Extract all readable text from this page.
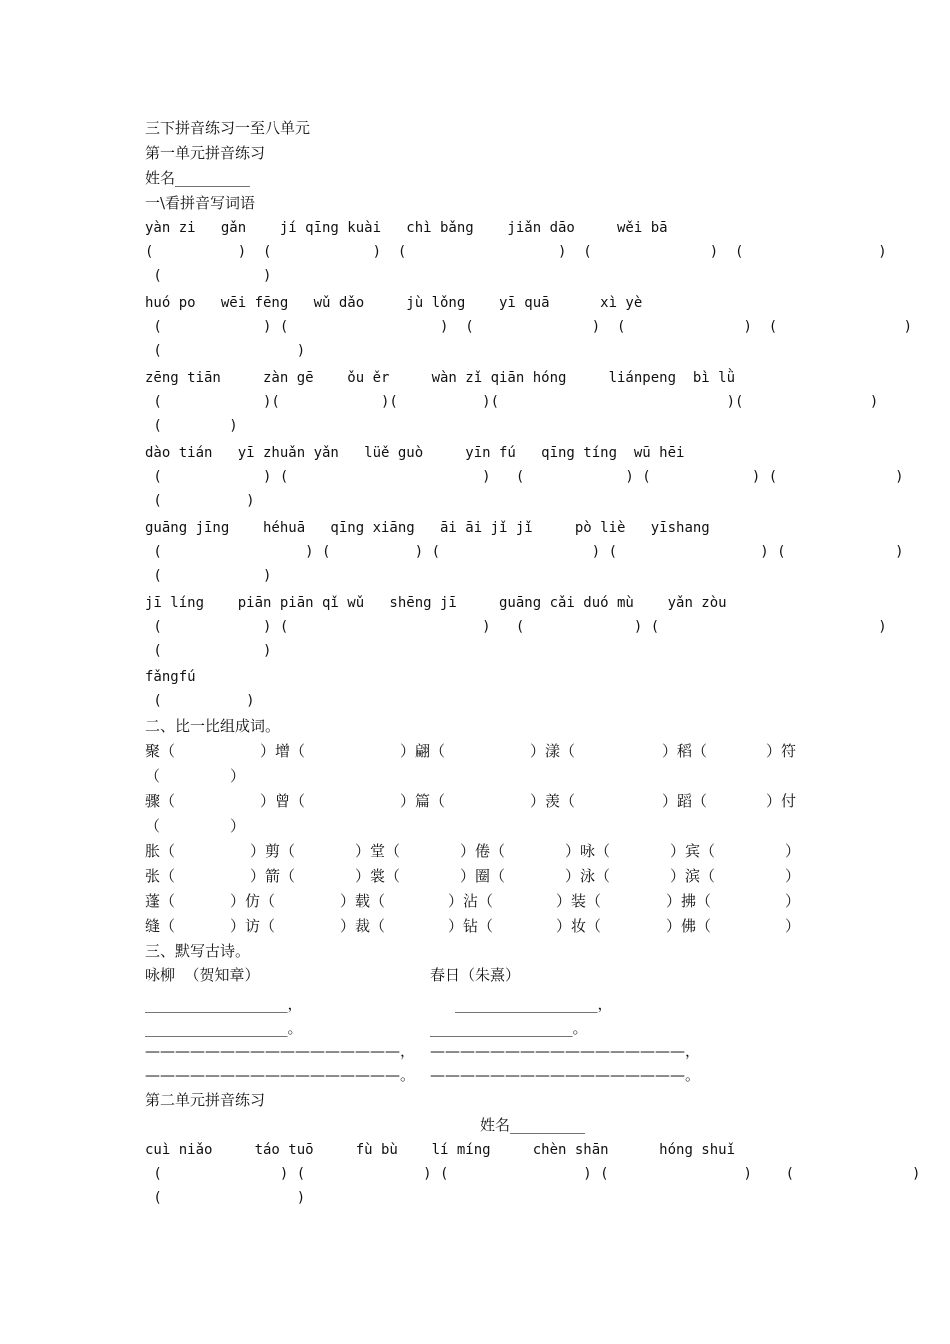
三下拼音练习一至八单元
第一单元拼音练习
姓名__________
一\看拼音写词语
yàn zi   gǎn    jí qīng kuài   chì bǎng    jiǎn dāo     wěi bā
(          )  (            )  (                  )  (              )  (                )
(            )
huó po   wēi fēng   wǔ dǎo     jù lǒng    yī quā      xì yè
(            ) (                  )  (              )  (              )  (               )
(                )
zēng tiān     zàn gē    ǒu ěr     wàn zǐ qiān hóng     liánpeng  bì lǜ
(            )(            )(          )(                           )(               )
(        )
dào tián   yī zhuǎn yǎn   lüě guò     yīn fú   qīng tíng  wū hēi
(            ) (                       )   (            ) (            ) (              )
(          )
guāng jīng    héhuā   qīng xiāng   āi āi jǐ jǐ     pò liè   yīshang
(                 ) (          ) (                  ) (                 ) (             )
(            )
jī líng    piān piān qǐ wǔ   shēng jī     guāng cǎi duó mù    yǎn zòu
(            ) (                       )   (             ) (                          )
(            )
fǎngfú
(          )
二、比一比组成词。
聚（	）增（	）翩（	）漾（	）稻（	）符
（	）
骤（	）曾（	）篇（	）羡（	）蹈（	）付
（	）
胀（	）剪（	）堂（	）倦（	）咏（	）宾（	）
张（	）箭（	）裳（	）圈（	）泳（	）滨（	）
蓬（	）仿（	）载（	）沾（	）装（	）拂（	）
缝（	）访（	）裁（	）钻（	）妆（	）佛（	）
三、默写古诗。
咏柳  （贺知章）	春日（朱熹）
___________________，
___________________。
—————————————————，
—————————————————。
___________________，
___________________。
—————————————————，
—————————————————。
第二单元拼音练习
姓名__________
cuì niǎo     táo tuō     fù bù    lí míng     chèn shān      hóng shuǐ
(              ) (              ) (                ) (                )    (              )
(                )
